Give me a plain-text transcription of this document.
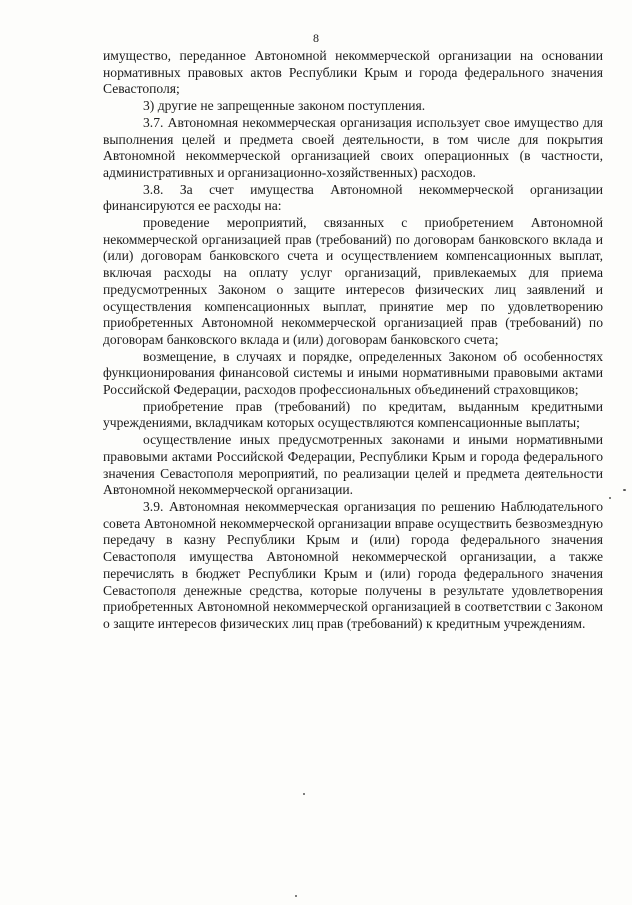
8

имущество, переданное Автономной некоммерческой организации на основании нормативных правовых актов Республики Крым и города федерального значения Севастополя;

3) другие не запрещенные законом поступления.

3.7. Автономная некоммерческая организация использует свое имущество для выполнения целей и предмета своей деятельности, в том числе для покрытия Автономной некоммерческой организацией своих операционных (в частности, административных и организационно-хозяйственных) расходов.

3.8. За счет имущества Автономной некоммерческой организации финансируются ее расходы на:

проведение мероприятий, связанных с приобретением Автономной некоммерческой организацией прав (требований) по договорам банковского вклада и (или) договорам банковского счета и осуществлением компенсационных выплат, включая расходы на оплату услуг организаций, привлекаемых для приема предусмотренных Законом о защите интересов физических лиц заявлений и осуществления компенсационных выплат, принятие мер по удовлетворению приобретенных Автономной некоммерческой организацией прав (требований) по договорам банковского вклада и (или) договорам банковского счета;

возмещение, в случаях и порядке, определенных Законом об особенностях функционирования финансовой системы и иными нормативными правовыми актами Российской Федерации, расходов профессиональных объединений страховщиков;

приобретение прав (требований) по кредитам, выданным кредитными учреждениями, вкладчикам которых осуществляются компенсационные выплаты;

осуществление иных предусмотренных законами и иными нормативными правовыми актами Российской Федерации, Республики Крым и города федерального значения Севастополя мероприятий, по реализации целей и предмета деятельности Автономной некоммерческой организации.

3.9. Автономная некоммерческая организация по решению Наблюдательного совета Автономной некоммерческой организации вправе осуществить безвозмездную передачу в казну Республики Крым и (или) города федерального значения Севастополя имущества Автономной некоммерческой организации, а также перечислять в бюджет Республики Крым и (или) города федерального значения Севастополя денежные средства, которые получены в результате удовлетворения приобретенных Автономной некоммерческой организацией в соответствии с Законом о защите интересов физических лиц прав (требований) к кредитным учреждениям.
